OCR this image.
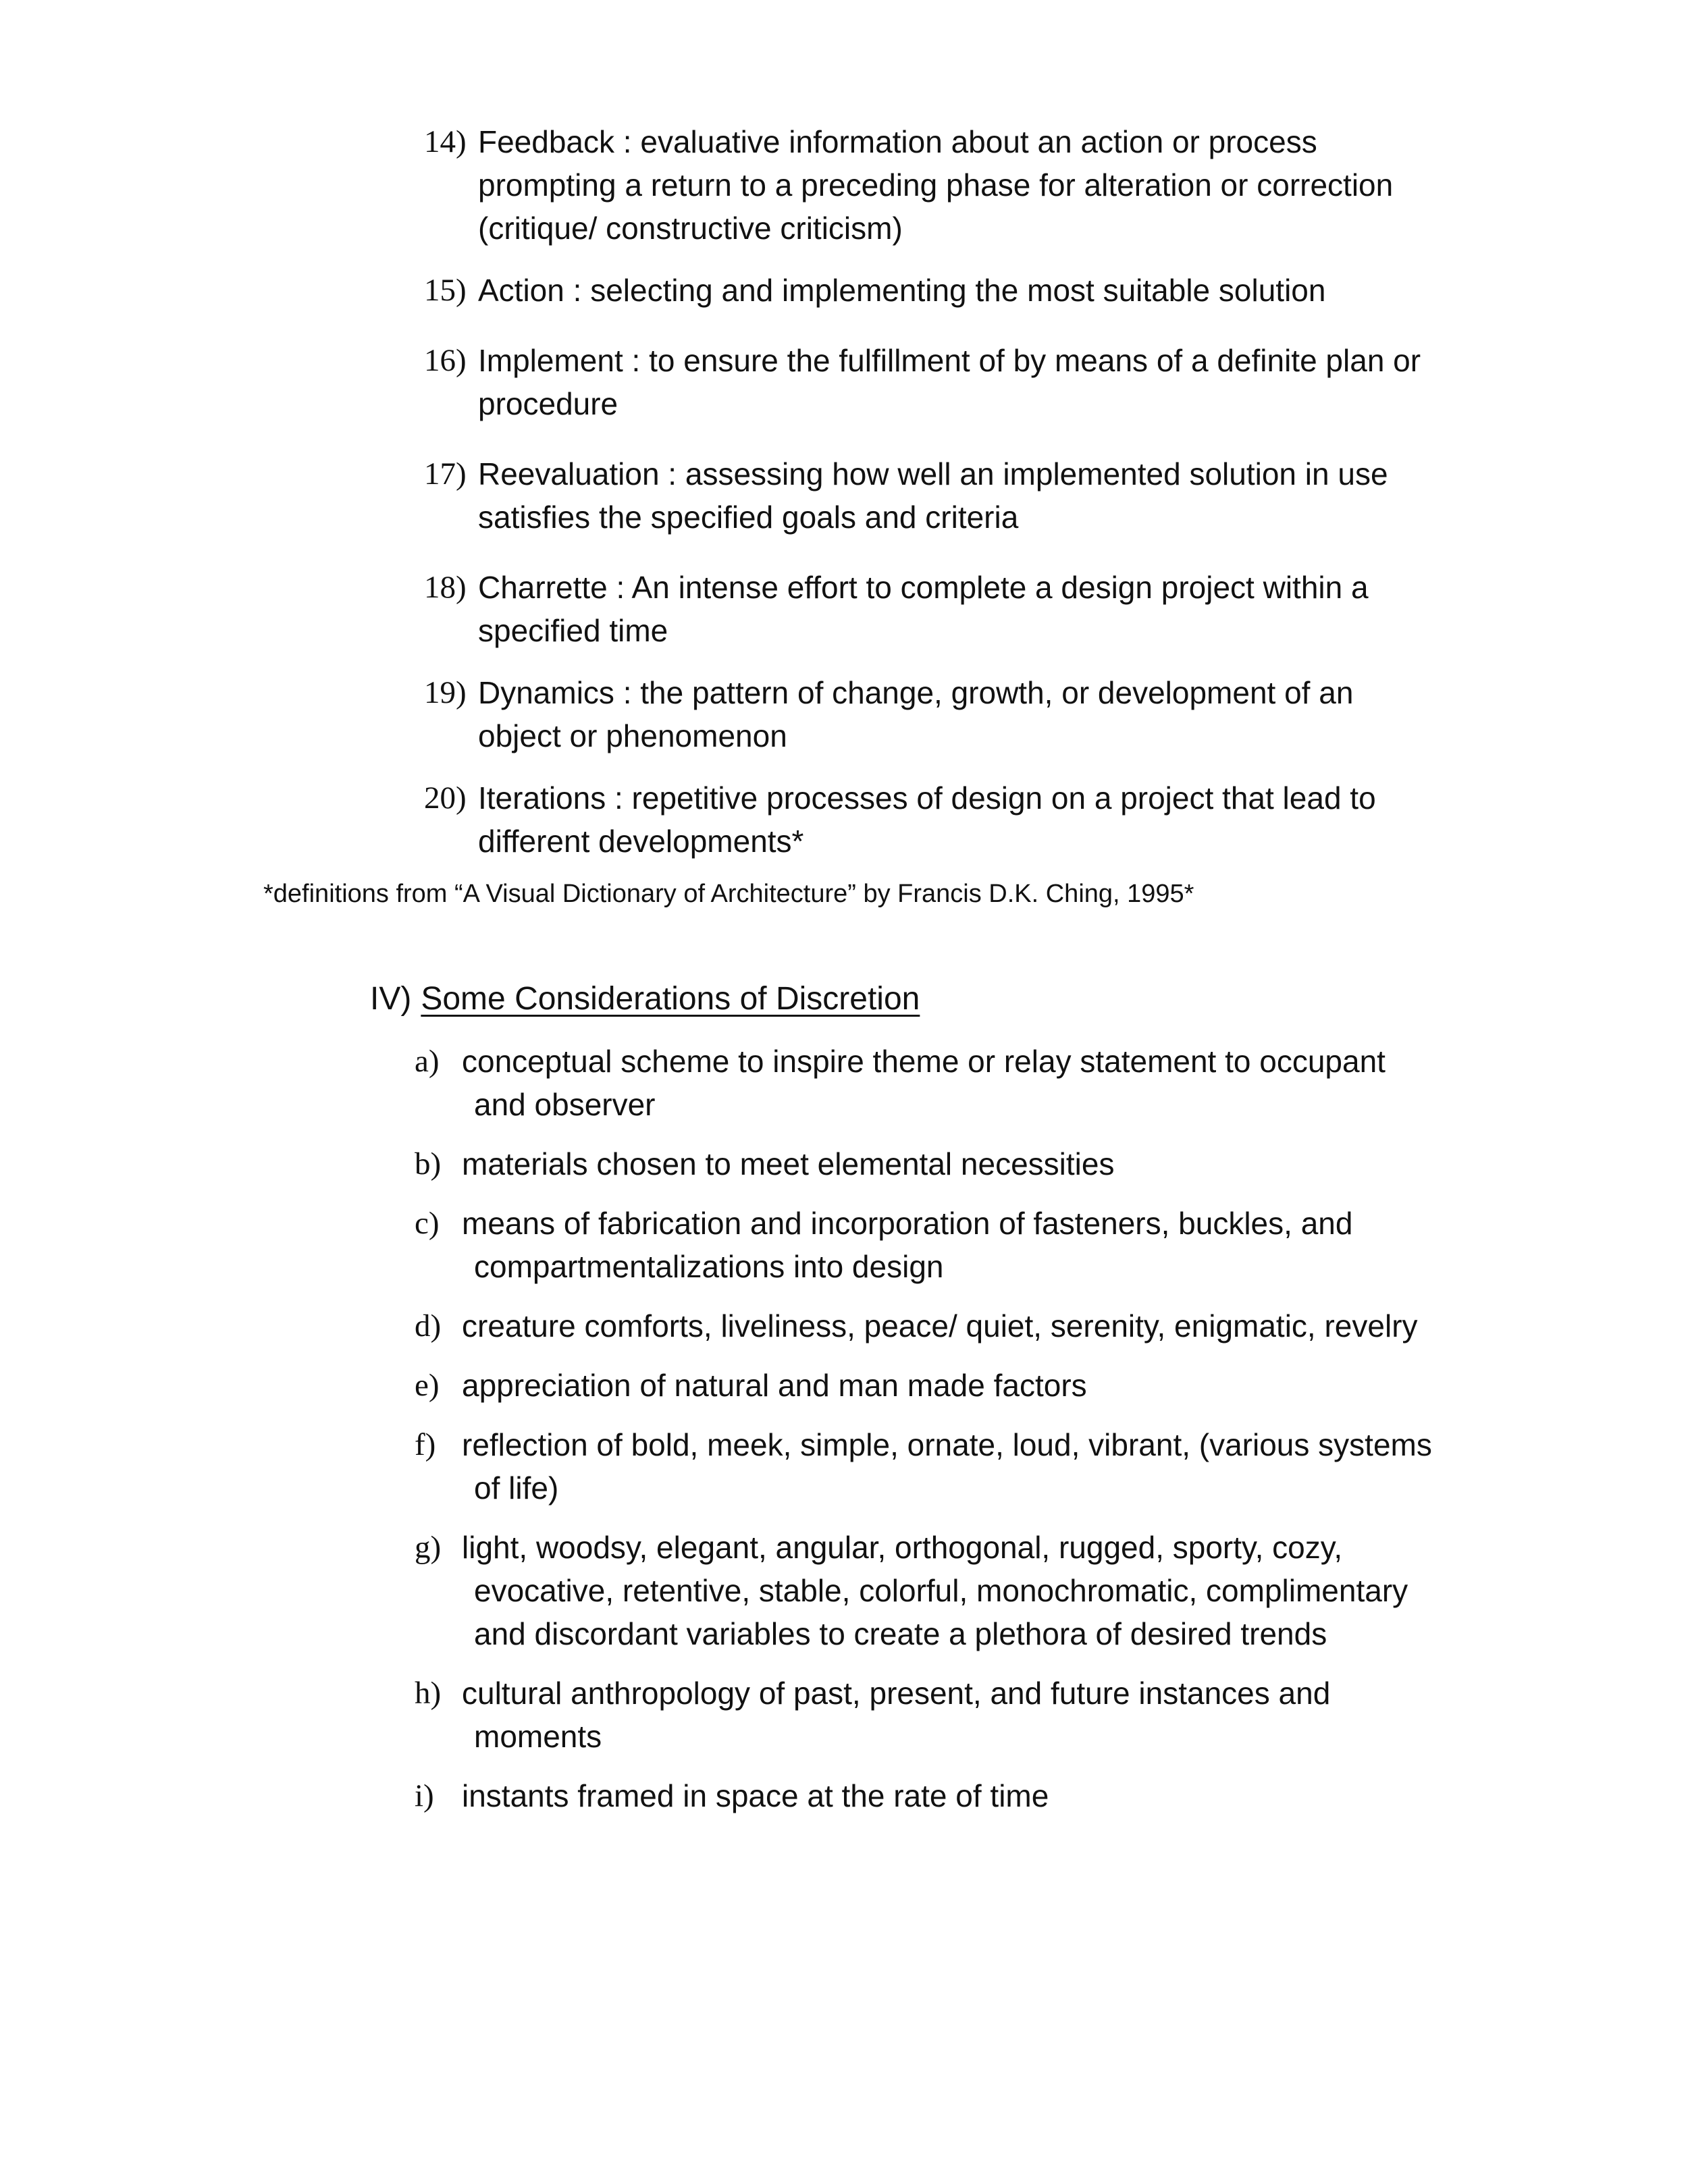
14) Feedback : evaluative information about an action or process prompting a return to a preceding phase for alteration or correction (critique/ constructive criticism)
15) Action : selecting and implementing the most suitable solution
16) Implement : to ensure the fulfillment of by means of a definite plan or procedure
17) Reevaluation : assessing how well an implemented solution in use satisfies the specified goals and criteria
18) Charrette : An intense effort to complete a design project within a specified time
19) Dynamics : the pattern of change, growth, or development of an object or phenomenon
20) Iterations : repetitive processes of design on a project that lead to different developments*
*definitions from “A Visual Dictionary of Architecture” by Francis D.K. Ching, 1995*
IV) Some Considerations of Discretion
a) conceptual scheme to inspire theme or relay statement to occupant and observer
b) materials chosen to meet elemental necessities
c) means of fabrication and incorporation of fasteners, buckles, and compartmentalizations into design
d) creature comforts, liveliness, peace/ quiet, serenity, enigmatic, revelry
e) appreciation of natural and man made factors
f) reflection of bold, meek, simple, ornate, loud, vibrant, (various systems of life)
g) light, woodsy, elegant, angular, orthogonal, rugged, sporty, cozy, evocative, retentive, stable, colorful, monochromatic, complimentary and discordant variables to create a plethora of desired trends
h) cultural anthropology of past, present, and future instances and moments
i) instants framed in space at the rate of time
